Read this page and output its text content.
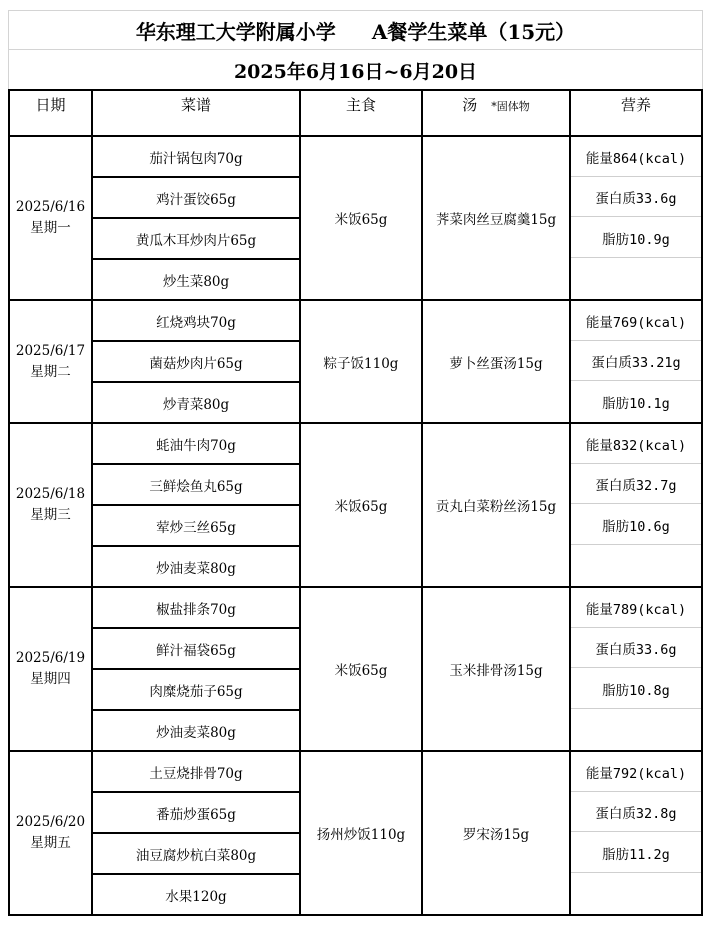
华东理工大学附属小学 A餐学生菜单（15元）
2025年6月16日~6月20日
日期	菜谱	主食	汤 *固体物	营养
2025/6/16
星期一	茄汁锅包肉70g	米饭65g	荠菜肉丝豆腐羹15g	能量864(kcal)

	鸡汁蛋饺65g			蛋白质33.6g

	黄瓜木耳炒肉片65g			脂肪10.9g

	炒生菜80g			
2025/6/17
星期二	红烧鸡块70g	粽子饭110g	萝卜丝蛋汤15g	能量769(kcal)

	菌菇炒肉片65g			蛋白质33.21g

	炒青菜80g			脂肪10.1g

2025/6/18
星期三	蚝油牛肉70g	米饭65g	贡丸白菜粉丝汤15g	能量832(kcal)

	三鲜烩鱼丸65g			蛋白质32.7g

	荤炒三丝65g			脂肪10.6g

	炒油麦菜80g			
2025/6/19
星期四	椒盐排条70g	米饭65g	玉米排骨汤15g	能量789(kcal)

	鲜汁福袋65g			蛋白质33.6g

	肉糜烧茄子65g			脂肪10.8g

	炒油麦菜80g			
2025/6/20
星期五	土豆烧排骨70g	扬州炒饭110g	罗宋汤15g	能量792(kcal)

	番茄炒蛋65g			蛋白质32.8g

	油豆腐炒杭白菜80g			脂肪11.2g

	水果120g			
